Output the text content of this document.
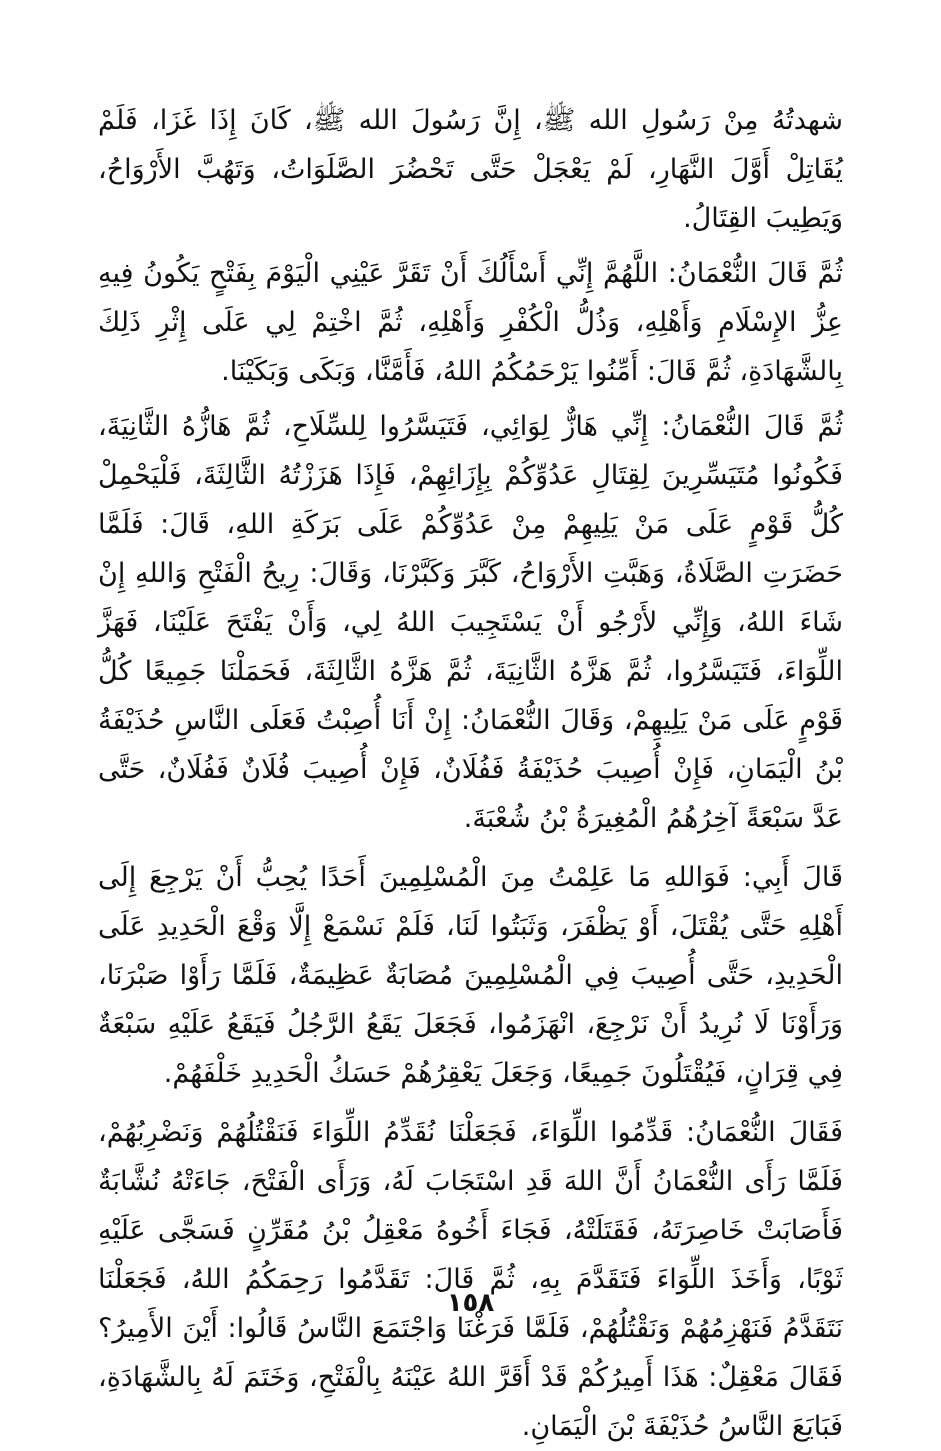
شهدتُهُ مِنْ رَسُولِ الله ﷺ، إِنَّ رَسُولَ الله ﷺ، كَانَ إِذَا غَزَا، فَلَمْ يُقَاتِلْ أَوَّلَ النَّهَارِ، لَمْ يَعْجَلْ حَتَّى تَحْضُرَ الصَّلَوَاتُ، وَتَهُبَّ الأَرْوَاحُ، وَيَطِيبَ القِتَالُ.

ثُمَّ قَالَ النُّعْمَانُ: اللَّهُمَّ إِنِّي أَسْأَلُكَ أَنْ تَقَرَّ عَيْنِي الْيَوْمَ بِفَتْحٍ يَكُونُ فِيهِ عِزُّ الإِسْلَامِ وَأَهْلِهِ، وَذُلُّ الْكُفْرِ وَأَهْلِهِ، ثُمَّ اخْتِمْ لِي عَلَى إِثْرِ ذَلِكَ بِالشَّهَادَةِ، ثُمَّ قَالَ: أَمِّنُوا يَرْحَمُكُمُ اللهُ، فَأَمَّنَّا، وَبَكَى وَبَكَيْنَا.

ثُمَّ قَالَ النُّعْمَانُ: إِنِّي هَازٌّ لِوَائِي، فَتَيَسَّرُوا لِلسِّلَاحِ، ثُمَّ هَازُّهُ الثَّانِيَةَ، فَكُونُوا مُتَيَسِّرِينَ لِقِتَالِ عَدُوِّكُمْ بِإِزَائِهِمْ، فَإِذَا هَزَزْتُهُ الثَّالِثَةَ، فَلْيَحْمِلْ كُلُّ قَوْمٍ عَلَى مَنْ يَلِيهِمْ مِنْ عَدُوِّكُمْ عَلَى بَرَكَةِ اللهِ، قَالَ: فَلَمَّا حَضَرَتِ الصَّلَاةُ، وَهَبَّتِ الأَرْوَاحُ، كَبَّرَ وَكَبَّرْنَا، وَقَالَ: رِيحُ الْفَتْحِ وَاللهِ إِنْ شَاءَ اللهُ، وَإِنِّي لأَرْجُو أَنْ يَسْتَجِيبَ اللهُ لِي، وَأَنْ يَفْتَحَ عَلَيْنَا، فَهَزَّ اللِّوَاءَ، فَتَيَسَّرُوا، ثُمَّ هَزَّهُ الثَّانِيَةَ، ثُمَّ هَزَّهُ الثَّالِثَةَ، فَحَمَلْنَا جَمِيعًا كُلُّ قَوْمٍ عَلَى مَنْ يَلِيهِمْ، وَقَالَ النُّعْمَانُ: إِنْ أَنَا أُصِبْتُ فَعَلَى النَّاسِ حُذَيْفَةُ بْنُ الْيَمَانِ، فَإِنْ أُصِيبَ حُذَيْفَةُ فَفُلَانٌ، فَإِنْ أُصِيبَ فُلَانٌ فَفُلَانٌ، حَتَّى عَدَّ سَبْعَةً آخِرُهُمُ الْمُغِيرَةُ بْنُ شُعْبَةَ.

قَالَ أَبِي: فَوَاللهِ مَا عَلِمْتُ مِنَ الْمُسْلِمِينَ أَحَدًا يُحِبُّ أَنْ يَرْجِعَ إِلَى أَهْلِهِ حَتَّى يُقْتَلَ، أَوْ يَظْفَرَ، وَثَبَتُوا لَنَا، فَلَمْ نَسْمَعْ إِلَّا وَقْعَ الْحَدِيدِ عَلَى الْحَدِيدِ، حَتَّى أُصِيبَ فِي الْمُسْلِمِينَ مُصَابَةٌ عَظِيمَةٌ، فَلَمَّا رَأَوْا صَبْرَنَا، وَرَأَوْنَا لَا نُرِيدُ أَنْ نَرْجِعَ، انْهَزَمُوا، فَجَعَلَ يَقَعُ الرَّجُلُ فَيَقَعُ عَلَيْهِ سَبْعَةٌ فِي قِرَانٍ، فَيُقْتَلُونَ جَمِيعًا، وَجَعَلَ يَعْقِرُهُمْ حَسَكُ الْحَدِيدِ خَلْفَهُمْ.

فَقَالَ النُّعْمَانُ: قَدِّمُوا اللِّوَاءَ، فَجَعَلْنَا نُقَدِّمُ اللِّوَاءَ فَنَقْتُلُهُمْ وَنَضْرِبُهُمْ، فَلَمَّا رَأَى النُّعْمَانُ أَنَّ اللهَ قَدِ اسْتَجَابَ لَهُ، وَرَأَى الْفَتْحَ، جَاءَتْهُ نُشَّابَةٌ فَأَصَابَتْ خَاصِرَتَهُ، فَقَتَلَتْهُ، فَجَاءَ أَخُوهُ مَعْقِلُ بْنُ مُقَرِّنٍ فَسَجَّى عَلَيْهِ ثَوْبًا، وَأَخَذَ اللِّوَاءَ فَتَقَدَّمَ بِهِ، ثُمَّ قَالَ: تَقَدَّمُوا رَحِمَكُمُ اللهُ، فَجَعَلْنَا نَتَقَدَّمُ فَنَهْزِمُهُمْ وَنَقْتُلُهُمْ، فَلَمَّا فَرَغْنَا وَاجْتَمَعَ النَّاسُ قَالُوا: أَيْنَ الأَمِيرُ؟ فَقَالَ مَعْقِلٌ: هَذَا أَمِيرُكُمْ قَدْ أَقَرَّ اللهُ عَيْنَهُ بِالْفَتْحِ، وَخَتَمَ لَهُ بِالشَّهَادَةِ، فَبَايَعَ النَّاسُ حُذَيْفَةَ بْنَ الْيَمَانِ.

١٥٨
